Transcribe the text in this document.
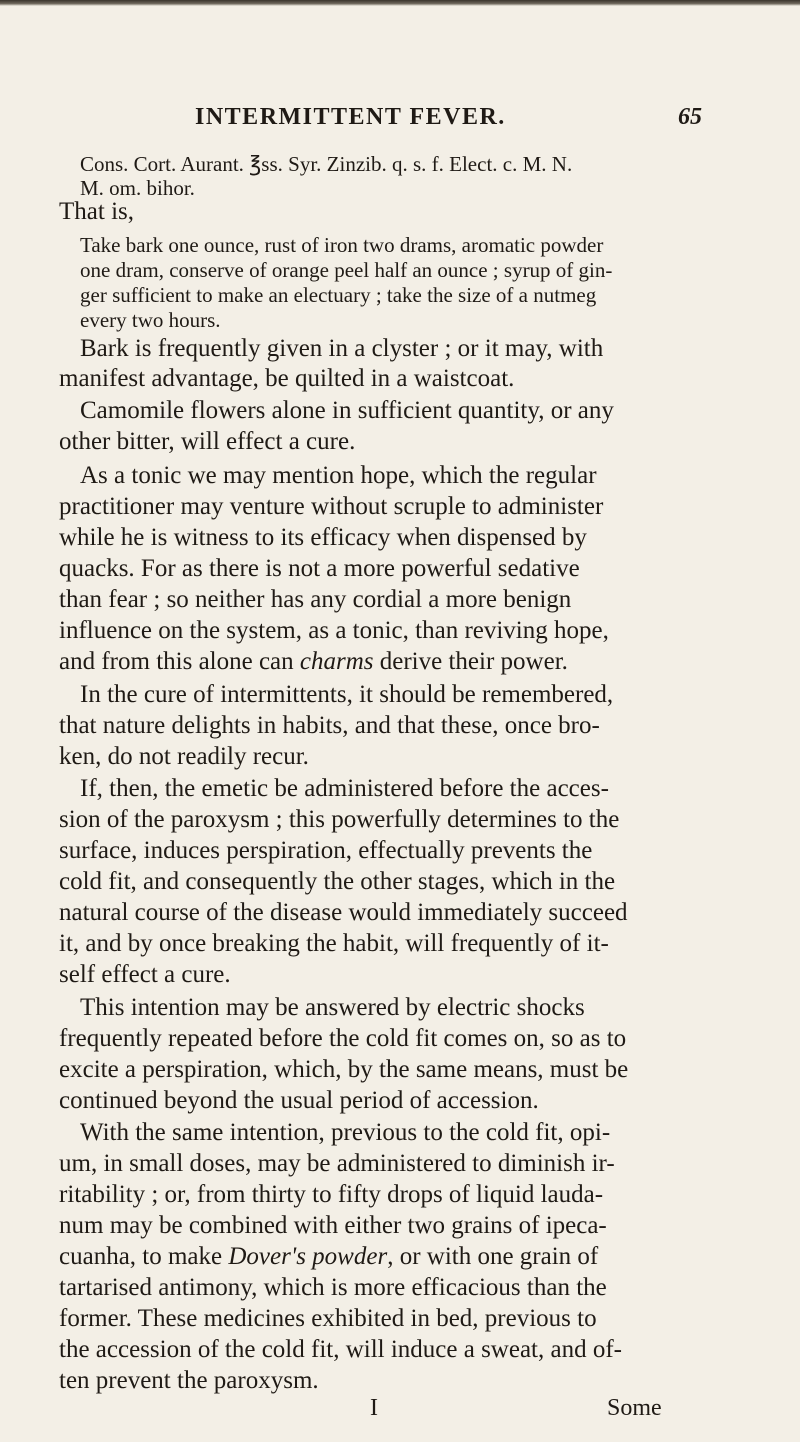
INTERMITTENT FEVER.	65
Cons. Cort. Aurant. ℥ss. Syr. Zinzib. q. s. f. Elect. c. M. N.
M. om. bihor.
That is,
Take bark one ounce, rust of iron two drams, aromatic powder
one dram, conserve of orange peel half an ounce ; syrup of gin-
ger sufficient to make an electuary ; take the size of a nutmeg
every two hours.
Bark is frequently given in a clyster ; or it may, with
manifest advantage, be quilted in a waistcoat.
Camomile flowers alone in sufficient quantity, or any
other bitter, will effect a cure.
As a tonic we may mention hope, which the regular
practitioner may venture without scruple to administer
while he is witness to its efficacy when dispensed by
quacks. For as there is not a more powerful sedative
than fear ; so neither has any cordial a more benign
influence on the system, as a tonic, than reviving hope,
and from this alone can charms derive their power.
In the cure of intermittents, it should be remembered,
that nature delights in habits, and that these, once bro-
ken, do not readily recur.
If, then, the emetic be administered before the acces-
sion of the paroxysm ; this powerfully determines to the
surface, induces perspiration, effectually prevents the
cold fit, and consequently the other stages, which in the
natural course of the disease would immediately succeed
it, and by once breaking the habit, will frequently of it-
self effect a cure.
This intention may be answered by electric shocks
frequently repeated before the cold fit comes on, so as to
excite a perspiration, which, by the same means, must be
continued beyond the usual period of accession.
With the same intention, previous to the cold fit, opi-
um, in small doses, may be administered to diminish ir-
ritability ; or, from thirty to fifty drops of liquid lauda-
num may be combined with either two grains of ipeca-
cuanha, to make Dover's powder, or with one grain of
tartarised antimony, which is more efficacious than the
former. These medicines exhibited in bed, previous to
the accession of the cold fit, will induce a sweat, and of-
ten prevent the paroxysm.
I	Some
